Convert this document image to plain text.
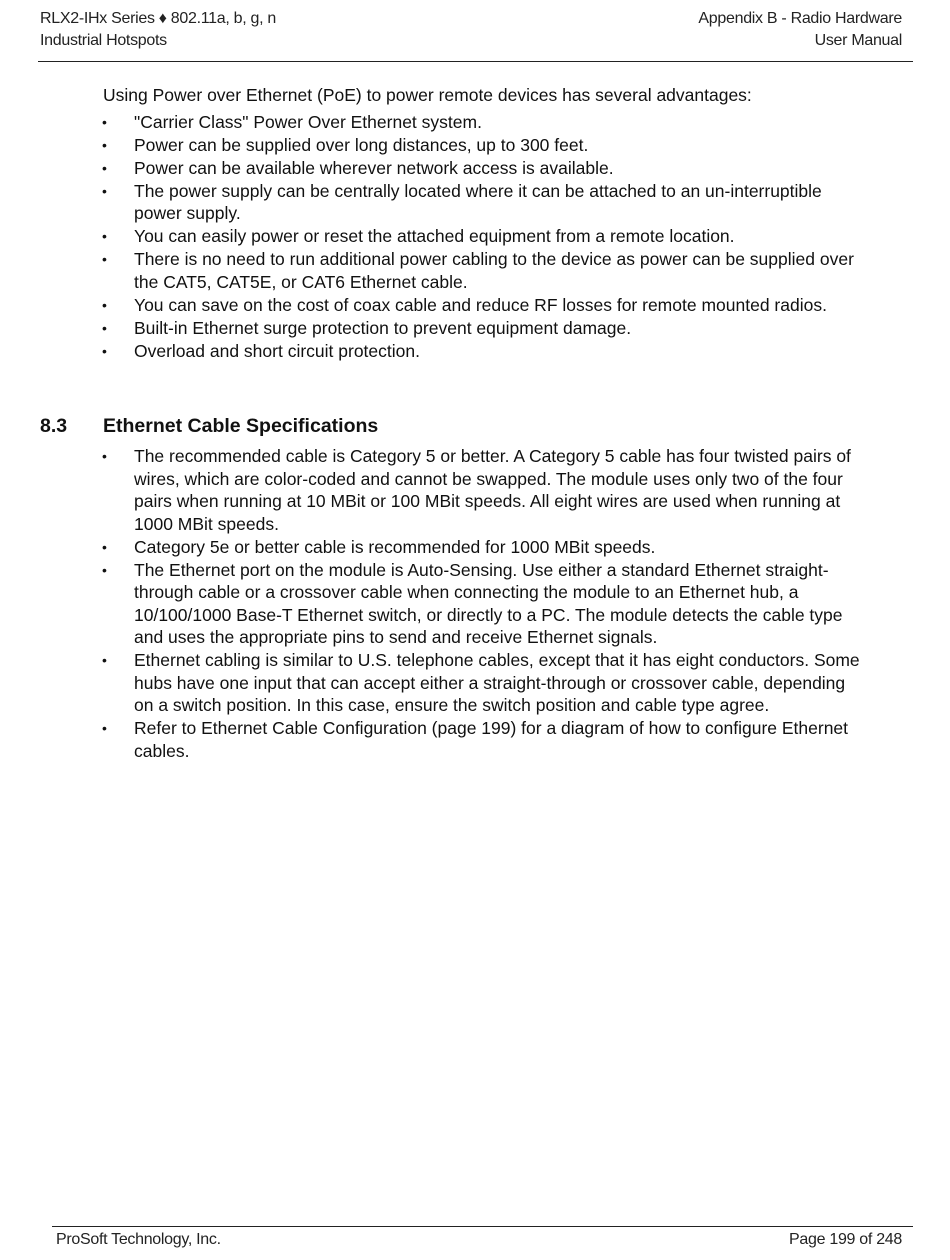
RLX2-IHx Series ♦ 802.11a, b, g, n
Industrial Hotspots
Appendix B - Radio Hardware
User Manual

Using Power over Ethernet (PoE) to power remote devices has several advantages:

• "Carrier Class" Power Over Ethernet system.
• Power can be supplied over long distances, up to 300 feet.
• Power can be available wherever network access is available.
• The power supply can be centrally located where it can be attached to an un-interruptible power supply.
• You can easily power or reset the attached equipment from a remote location.
• There is no need to run additional power cabling to the device as power can be supplied over the CAT5, CAT5E, or CAT6 Ethernet cable.
• You can save on the cost of coax cable and reduce RF losses for remote mounted radios.
• Built-in Ethernet surge protection to prevent equipment damage.
• Overload and short circuit protection.
8.3 Ethernet Cable Specifications
• The recommended cable is Category 5 or better. A Category 5 cable has four twisted pairs of wires, which are color-coded and cannot be swapped. The module uses only two of the four pairs when running at 10 MBit or 100 MBit speeds. All eight wires are used when running at 1000 MBit speeds.
• Category 5e or better cable is recommended for 1000 MBit speeds.
• The Ethernet port on the module is Auto-Sensing. Use either a standard Ethernet straight-through cable or a crossover cable when connecting the module to an Ethernet hub, a 10/100/1000 Base-T Ethernet switch, or directly to a PC. The module detects the cable type and uses the appropriate pins to send and receive Ethernet signals.
• Ethernet cabling is similar to U.S. telephone cables, except that it has eight conductors. Some hubs have one input that can accept either a straight-through or crossover cable, depending on a switch position. In this case, ensure the switch position and cable type agree.
• Refer to Ethernet Cable Configuration (page 199) for a diagram of how to configure Ethernet cables.
ProSoft Technology, Inc.	Page 199 of 248
